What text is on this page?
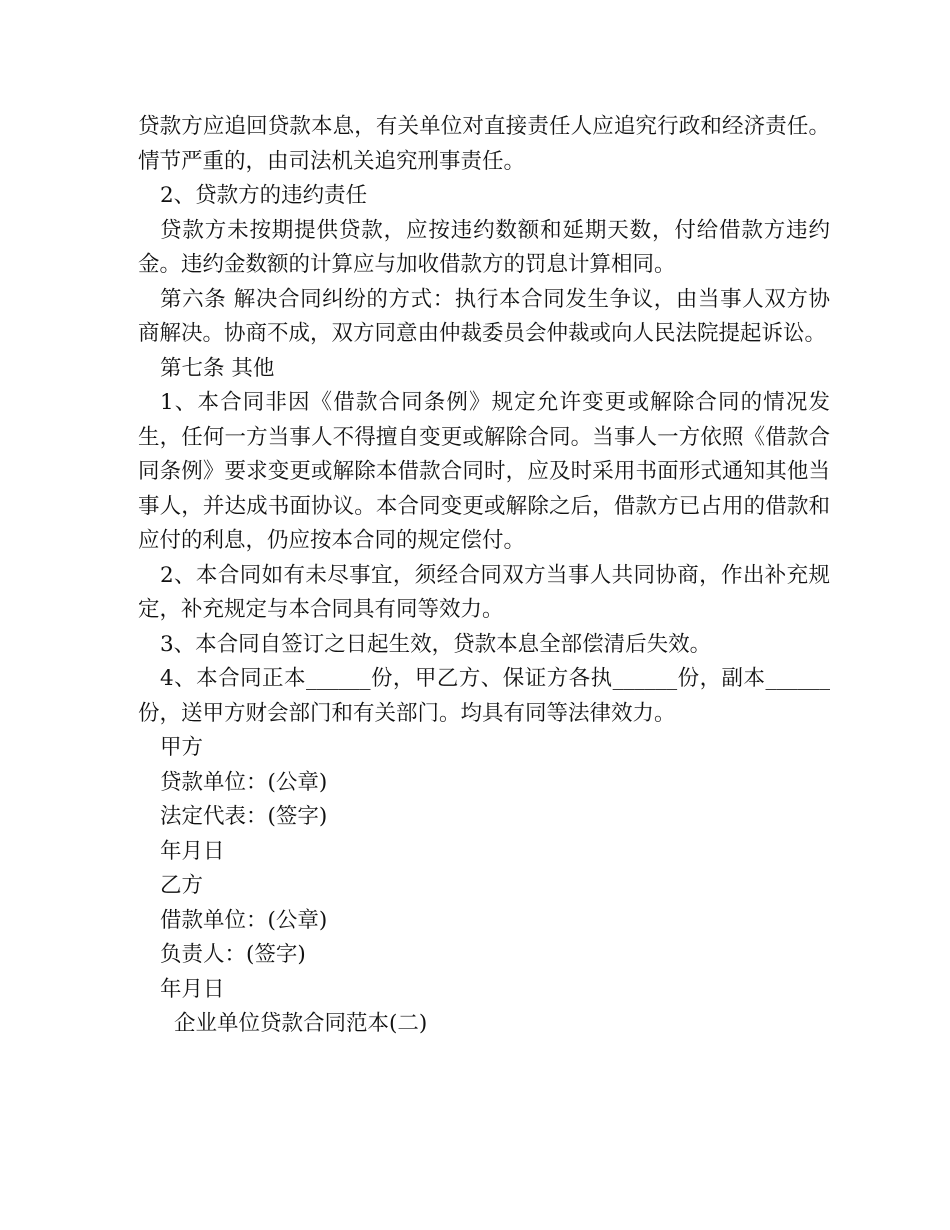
贷款方应追回贷款本息，有关单位对直接责任人应追究行政和经济责任。情节严重的，由司法机关追究刑事责任。

2、贷款方的违约责任

贷款方未按期提供贷款，应按违约数额和延期天数，付给借款方违约金。违约金数额的计算应与加收借款方的罚息计算相同。

第六条 解决合同纠纷的方式：执行本合同发生争议，由当事人双方协商解决。协商不成，双方同意由仲裁委员会仲裁或向人民法院提起诉讼。

第七条 其他

1、本合同非因《借款合同条例》规定允许变更或解除合同的情况发生，任何一方当事人不得擅自变更或解除合同。当事人一方依照《借款合同条例》要求变更或解除本借款合同时，应及时采用书面形式通知其他当事人，并达成书面协议。本合同变更或解除之后，借款方已占用的借款和应付的利息，仍应按本合同的规定偿付。

2、本合同如有未尽事宜，须经合同双方当事人共同协商，作出补充规定，补充规定与本合同具有同等效力。

3、本合同自签订之日起生效，贷款本息全部偿清后失效。

4、本合同正本______份，甲乙方、保证方各执______份，副本______份，送甲方财会部门和有关部门。均具有同等法律效力。

甲方

贷款单位：(公章)

法定代表：(签字)

年月日

乙方

借款单位：(公章)

负责人：(签字)

年月日

企业单位贷款合同范本(二)
